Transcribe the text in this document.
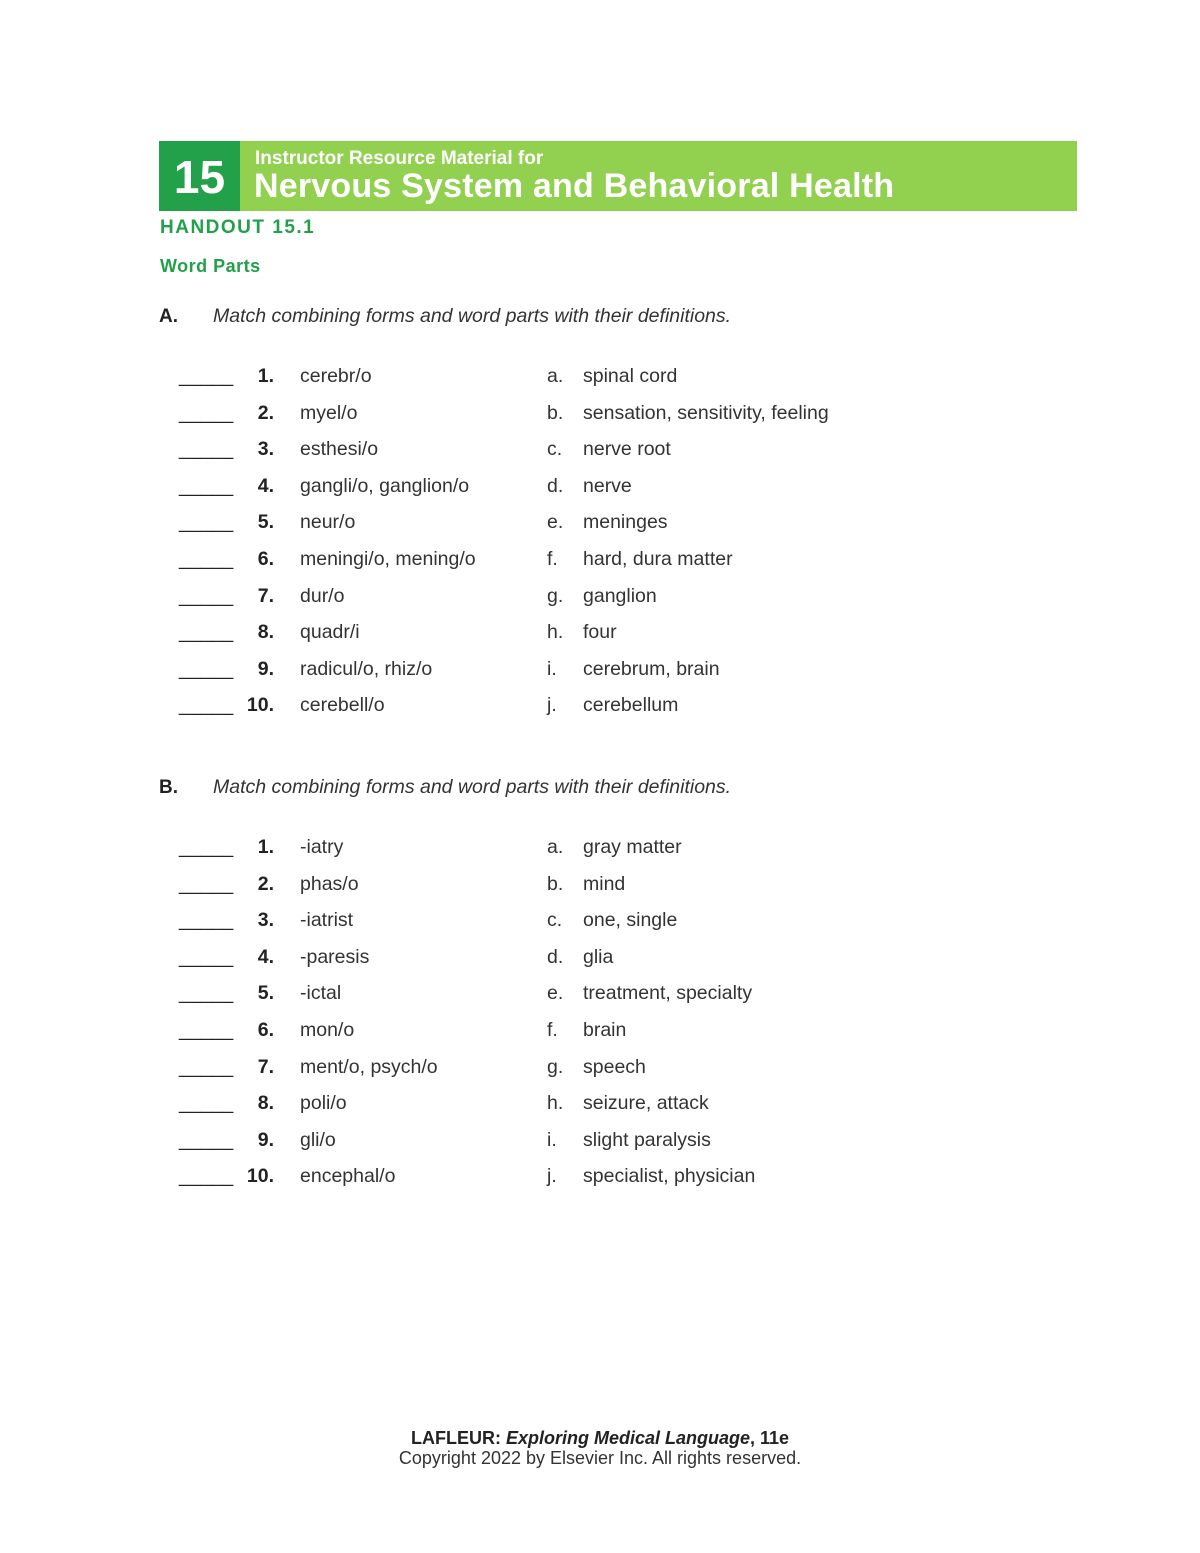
15	Instructor Resource Material for
Nervous System and Behavioral Health
HANDOUT 15.1
Word Parts
A. Match combining forms and word parts with their definitions.
_____	1. cerebr/o	a. spinal cord
_____	2. myel/o	b. sensation, sensitivity, feeling
_____	3. esthesi/o	c. nerve root
_____	4. gangli/o, ganglion/o	d. nerve
_____	5. neur/o	e. meninges
_____	6. meningi/o, mening/o	f. hard, dura matter
_____	7. dur/o	g. ganglion
_____	8. quadr/i	h. four
_____	9. radicul/o, rhiz/o	i. cerebrum, brain
_____ 10. cerebell/o	j. cerebellum
B. Match combining forms and word parts with their definitions.
_____	1. -iatry	a. gray matter
_____	2. phas/o	b. mind
_____	3. -iatrist	c. one, single
_____	4. -paresis	d. glia
_____	5. -ictal	e. treatment, specialty
_____	6. mon/o	f. brain
_____	7. ment/o, psych/o	g. speech
_____	8. poli/o	h. seizure, attack
_____	9. gli/o	i. slight paralysis
_____ 10. encephal/o	j. specialist, physician
LAFLEUR: Exploring Medical Language, 11e
Copyright 2022 by Elsevier Inc. All rights reserved.
